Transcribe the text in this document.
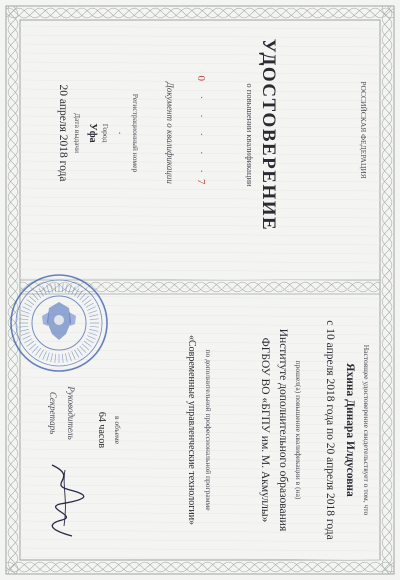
РОССИЙСКАЯ ФЕДЕРАЦИЯ
УДОСТОВЕРЕНИЕ
о повышении квалификации
0 · · · · ·7
Документ о квалификации
Регистрационный номер
·
Город
Уфа
Дата выдачи
20 апреля 2018 года
Настоящее удостоверение свидетельствует о том, что
Яхина Динара Илдусовна
с 10 апреля 2018 года по 20 апреля 2018 года
прошел(а) повышение квалификации в (на)
Институте дополнительного образования
ФГБОУ ВО «БГПУ им. М. Акмуллы»
по дополнительной профессиональной программе
«Современные управленческие технологии»
в объеме
64 часов
Руководитель
Секретарь
